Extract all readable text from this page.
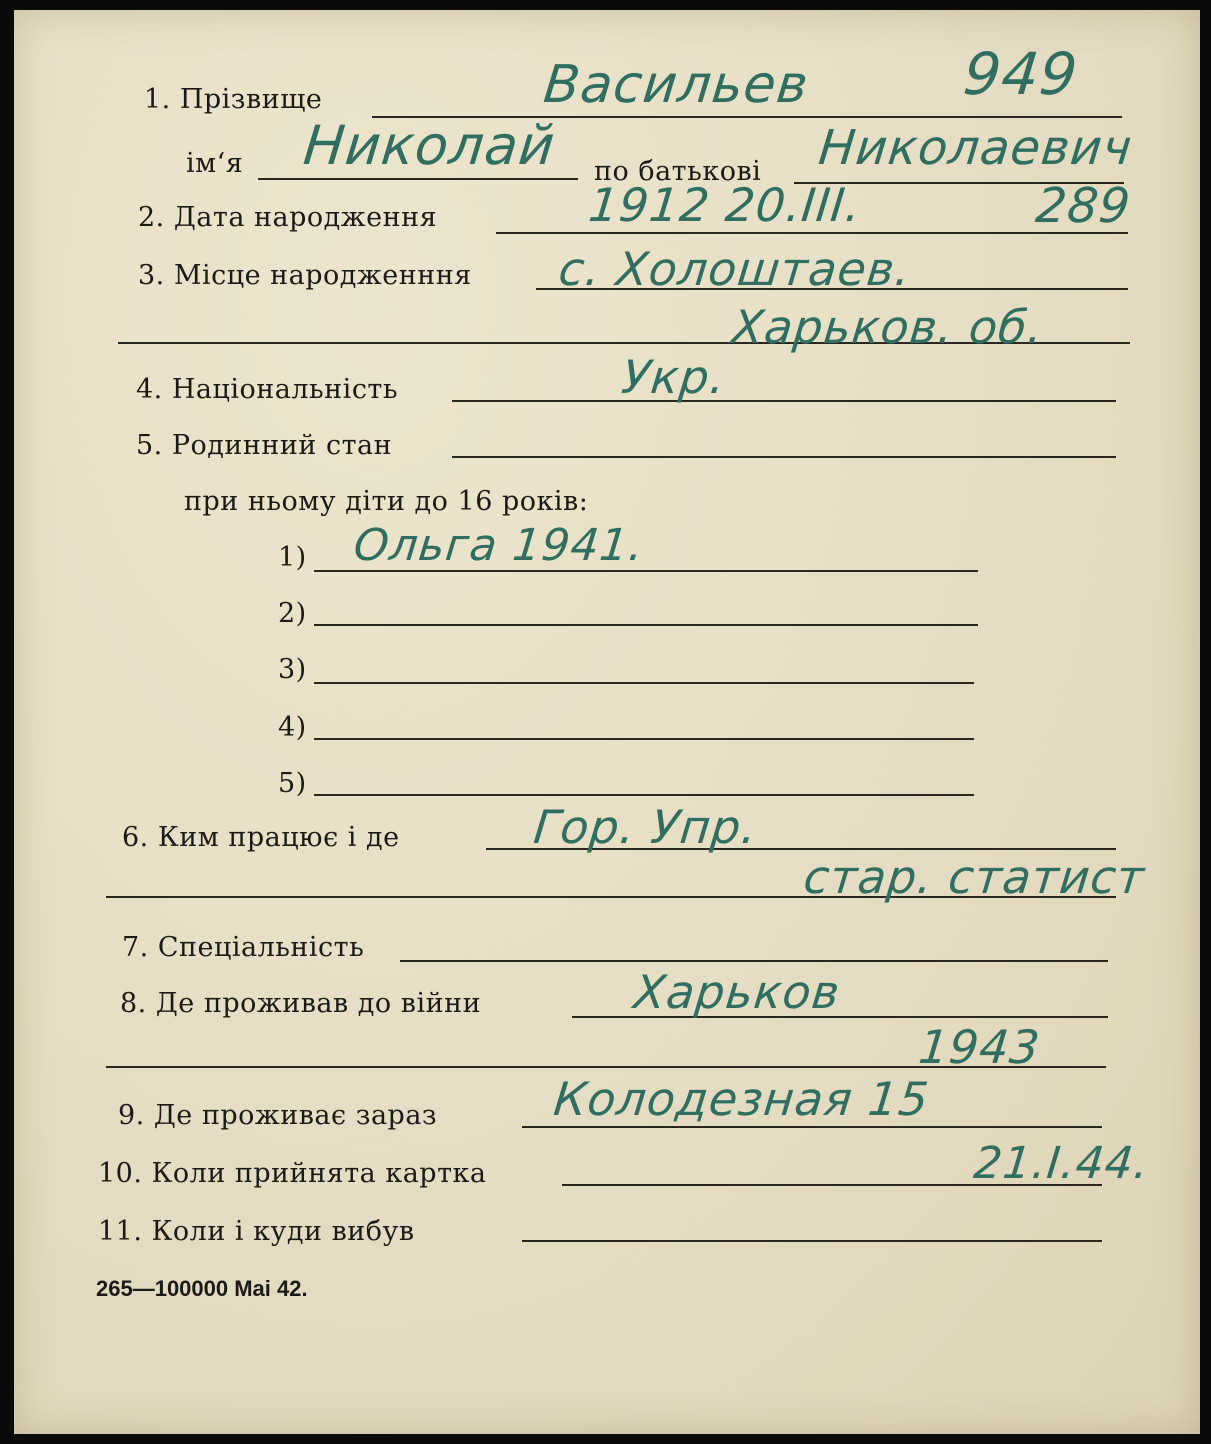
1. Прізвище	Васильев	949
ім‘я Николай по батькові Николаевич
2. Дата народження	1912 20.III.	289
3. Місце народженння с. Холоштаев.
Харьков. об.
4. Національність	Укр.
5. Родинний стан
при ньому діти до 16 років:
1) Ольга 1941.
2)
3)
4)
5)
6. Ким працює і де	Гор. Упр.
стар. статист
7. Спеціальність
8. Де проживав до війни	Харьков
1943
9. Де проживає зараз Колодезная 15
10. Коли прийнята картка	21.I.44.
11. Коли і куди вибув
265—100000 Mai 42.
